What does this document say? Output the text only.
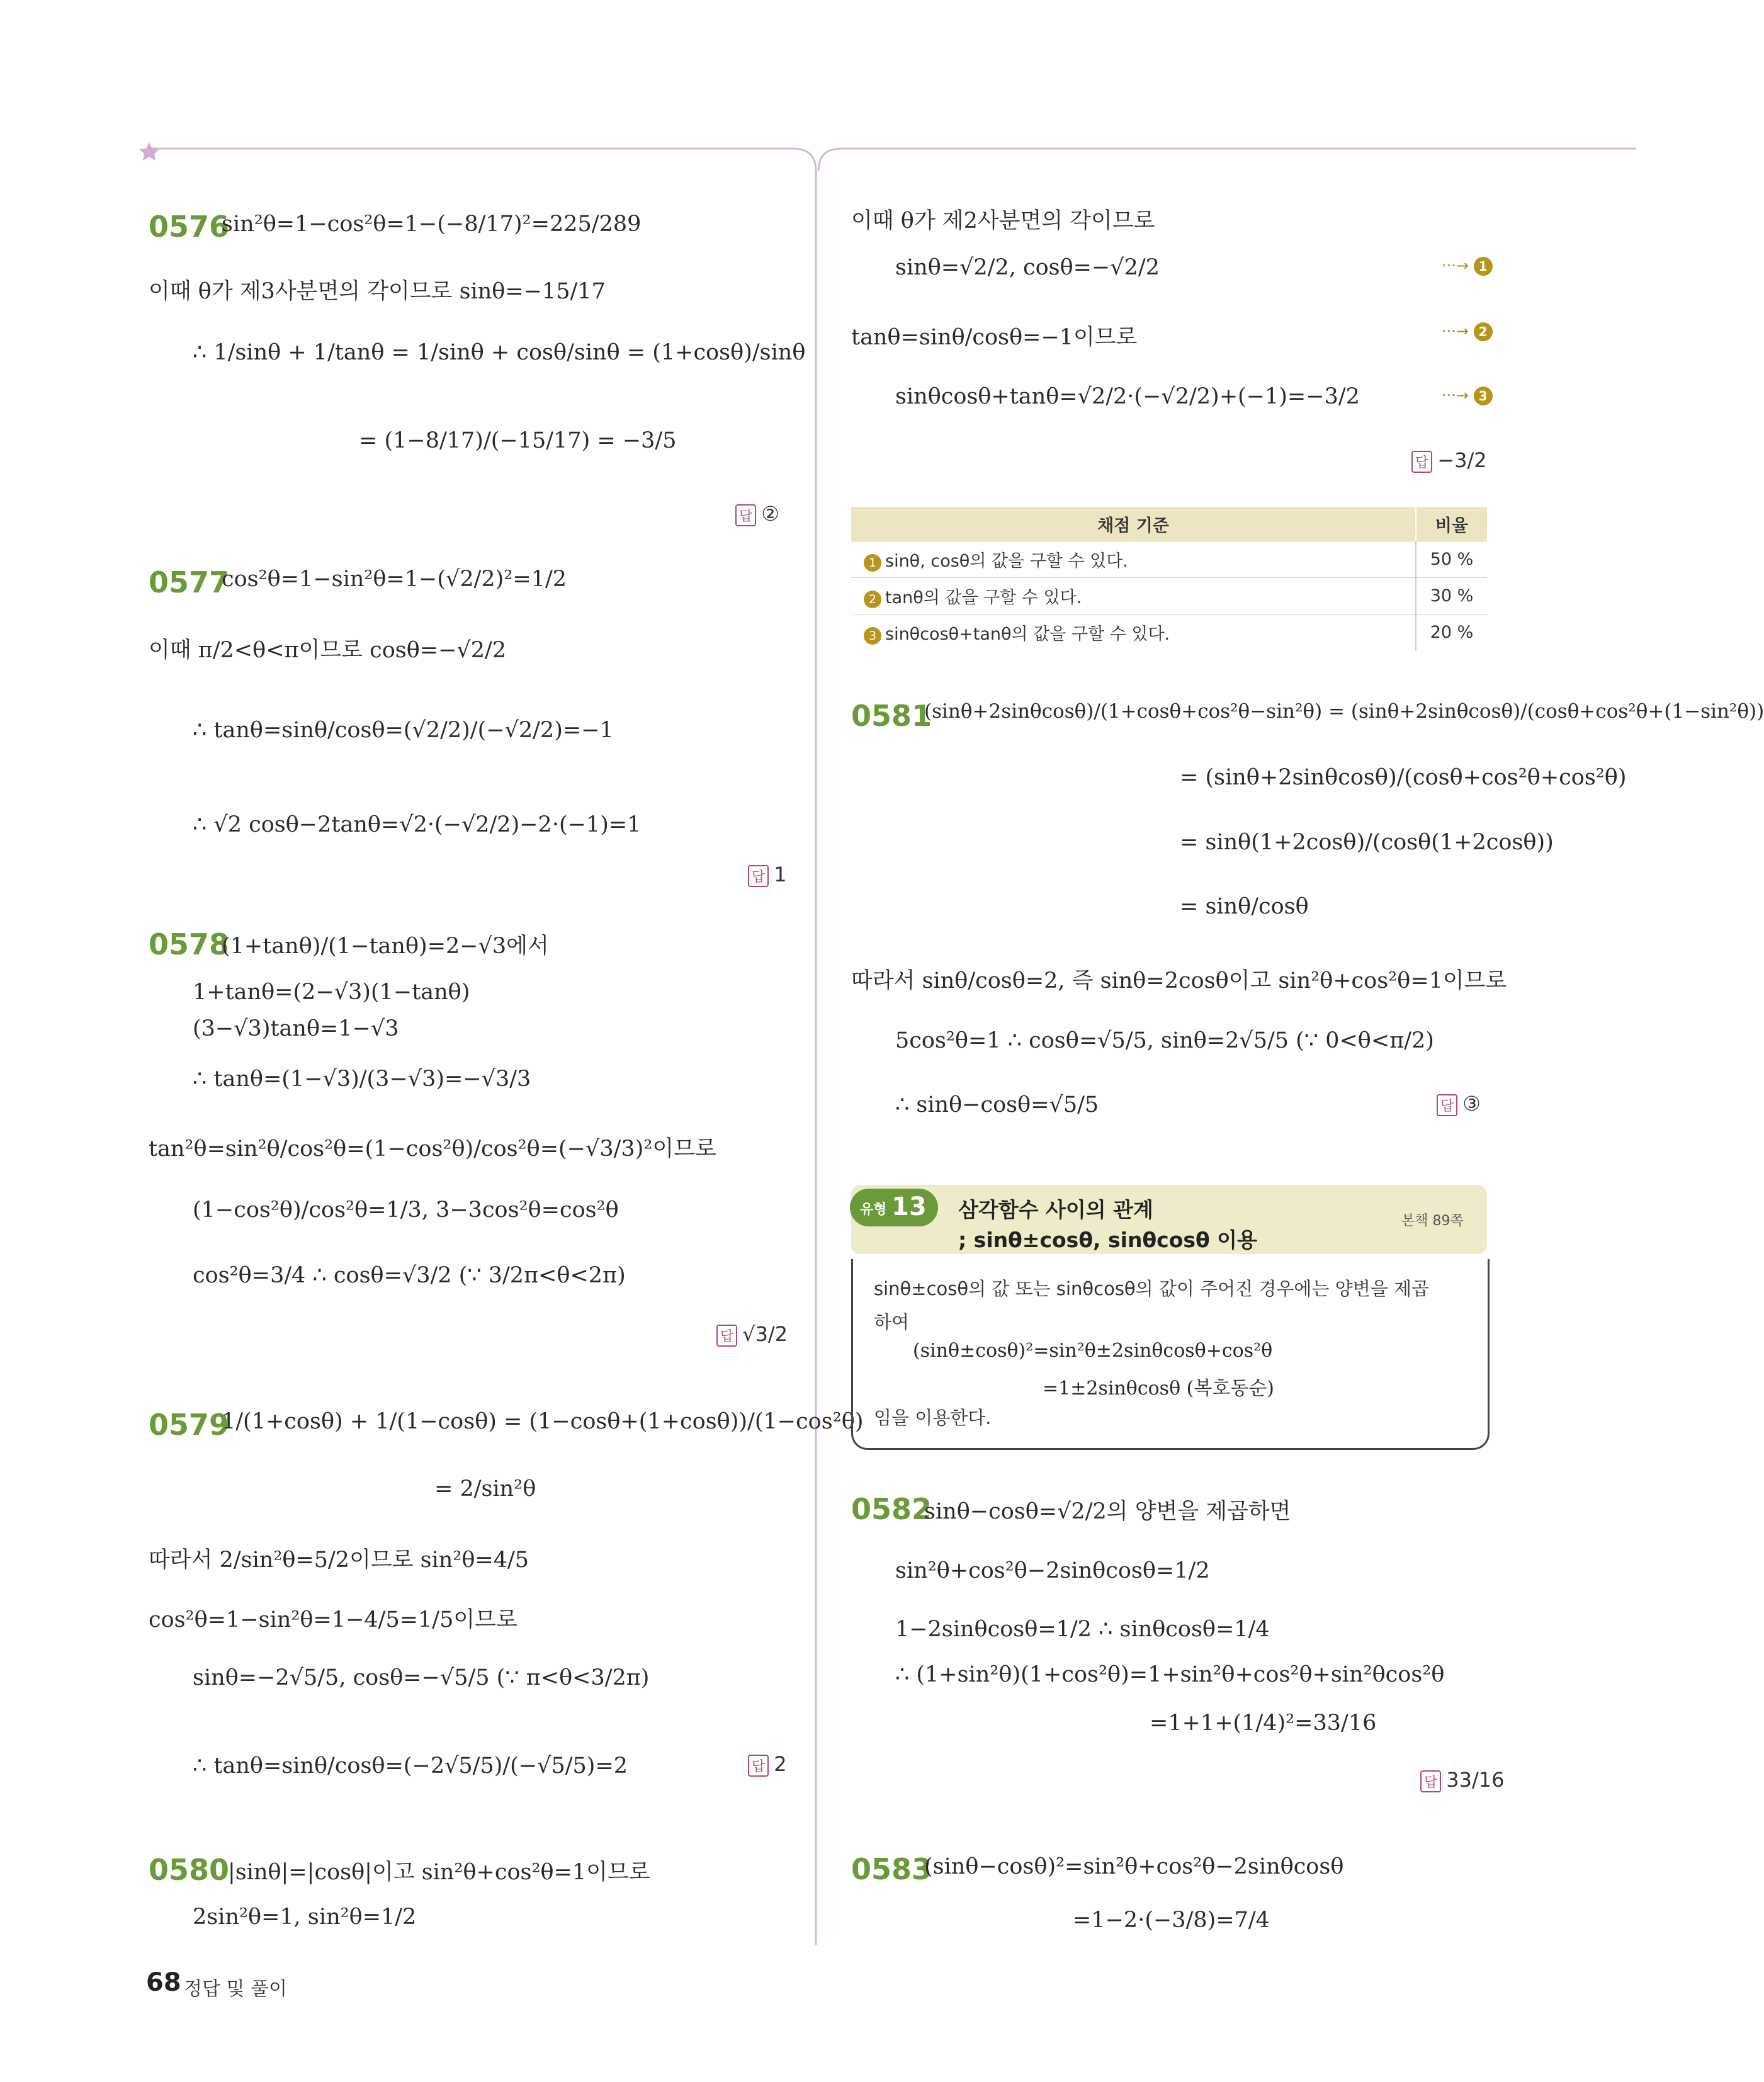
0576
sin²θ=1−cos²θ=1−(−8/17)²=225/289
이때 θ가 제3사분면의 각이므로 sinθ=−15/17
∴ 1/sinθ + 1/tanθ = 1/sinθ + cosθ/sinθ = (1+cosθ)/sinθ
= (1−8/17)/(−15/17) = −3/5
답 ②
0577
cos²θ=1−sin²θ=1−(√2/2)²=1/2
이때 π/2<θ<π이므로 cosθ=−√2/2
∴ tanθ=sinθ/cosθ=(√2/2)/(−√2/2)=−1
∴ √2 cosθ−2tanθ=√2·(−√2/2)−2·(−1)=1
답 1
0578
(1+tanθ)/(1−tanθ)=2−√3에서
1+tanθ=(2−√3)(1−tanθ)
(3−√3)tanθ=1−√3
∴ tanθ=(1−√3)/(3−√3)=−√3/3
tan²θ=sin²θ/cos²θ=(1−cos²θ)/cos²θ=(−√3/3)²이므로
(1−cos²θ)/cos²θ=1/3, 3−3cos²θ=cos²θ
cos²θ=3/4 ∴ cosθ=√3/2 (∵ 3/2π<θ<2π)
답 √3/2
0579
1/(1+cosθ) + 1/(1−cosθ) = (1−cosθ+(1+cosθ))/(1−cos²θ)
= 2/sin²θ
따라서 2/sin²θ=5/2이므로 sin²θ=4/5
cos²θ=1−sin²θ=1−4/5=1/5이므로
sinθ=−2√5/5, cosθ=−√5/5 (∵ π<θ<3/2π)
∴ tanθ=sinθ/cosθ=(−2√5/5)/(−√5/5)=2	답 2
0580
|sinθ|=|cosθ|이고 sin²θ+cos²θ=1이므로
2sin²θ=1, sin²θ=1/2
68 정답 및 풀이
이때 θ가 제2사분면의 각이므로
sinθ=√2/2, cosθ=−√2/2	···→ 1
tanθ=sinθ/cosθ=−1이므로	···→ 2
sinθcosθ+tanθ=√2/2·(−√2/2)+(−1)=−3/2	···→ 3
답 −3/2
채점 기준	비율
1 sinθ, cosθ의 값을 구할 수 있다.	50 %
2 tanθ의 값을 구할 수 있다.	30 %
3 sinθcosθ+tanθ의 값을 구할 수 있다.	20 %
0581
(sinθ+2sinθcosθ)/(1+cosθ+cos²θ−sin²θ) = (sinθ+2sinθcosθ)/(cosθ+cos²θ+(1−sin²θ))
= (sinθ+2sinθcosθ)/(cosθ+cos²θ+cos²θ)
= sinθ(1+2cosθ)/(cosθ(1+2cosθ))
= sinθ/cosθ
따라서 sinθ/cosθ=2, 즉 sinθ=2cosθ이고 sin²θ+cos²θ=1이므로
5cos²θ=1 ∴ cosθ=√5/5, sinθ=2√5/5 (∵ 0<θ<π/2)
∴ sinθ−cosθ=√5/5	답 ③
유형 13 삼각함수 사이의 관계
; sinθ±cosθ, sinθcosθ 이용
본책 89쪽
sinθ±cosθ의 값 또는 sinθcosθ의 값이 주어진 경우에는 양변을 제곱
하여
(sinθ±cosθ)²=sin²θ±2sinθcosθ+cos²θ
=1±2sinθcosθ (복호동순)
임을 이용한다.
0582
sinθ−cosθ=√2/2의 양변을 제곱하면
sin²θ+cos²θ−2sinθcosθ=1/2
1−2sinθcosθ=1/2 ∴ sinθcosθ=1/4
∴ (1+sin²θ)(1+cos²θ)=1+sin²θ+cos²θ+sin²θcos²θ
=1+1+(1/4)²=33/16
답 33/16
0583
(sinθ−cosθ)²=sin²θ+cos²θ−2sinθcosθ
=1−2·(−3/8)=7/4
